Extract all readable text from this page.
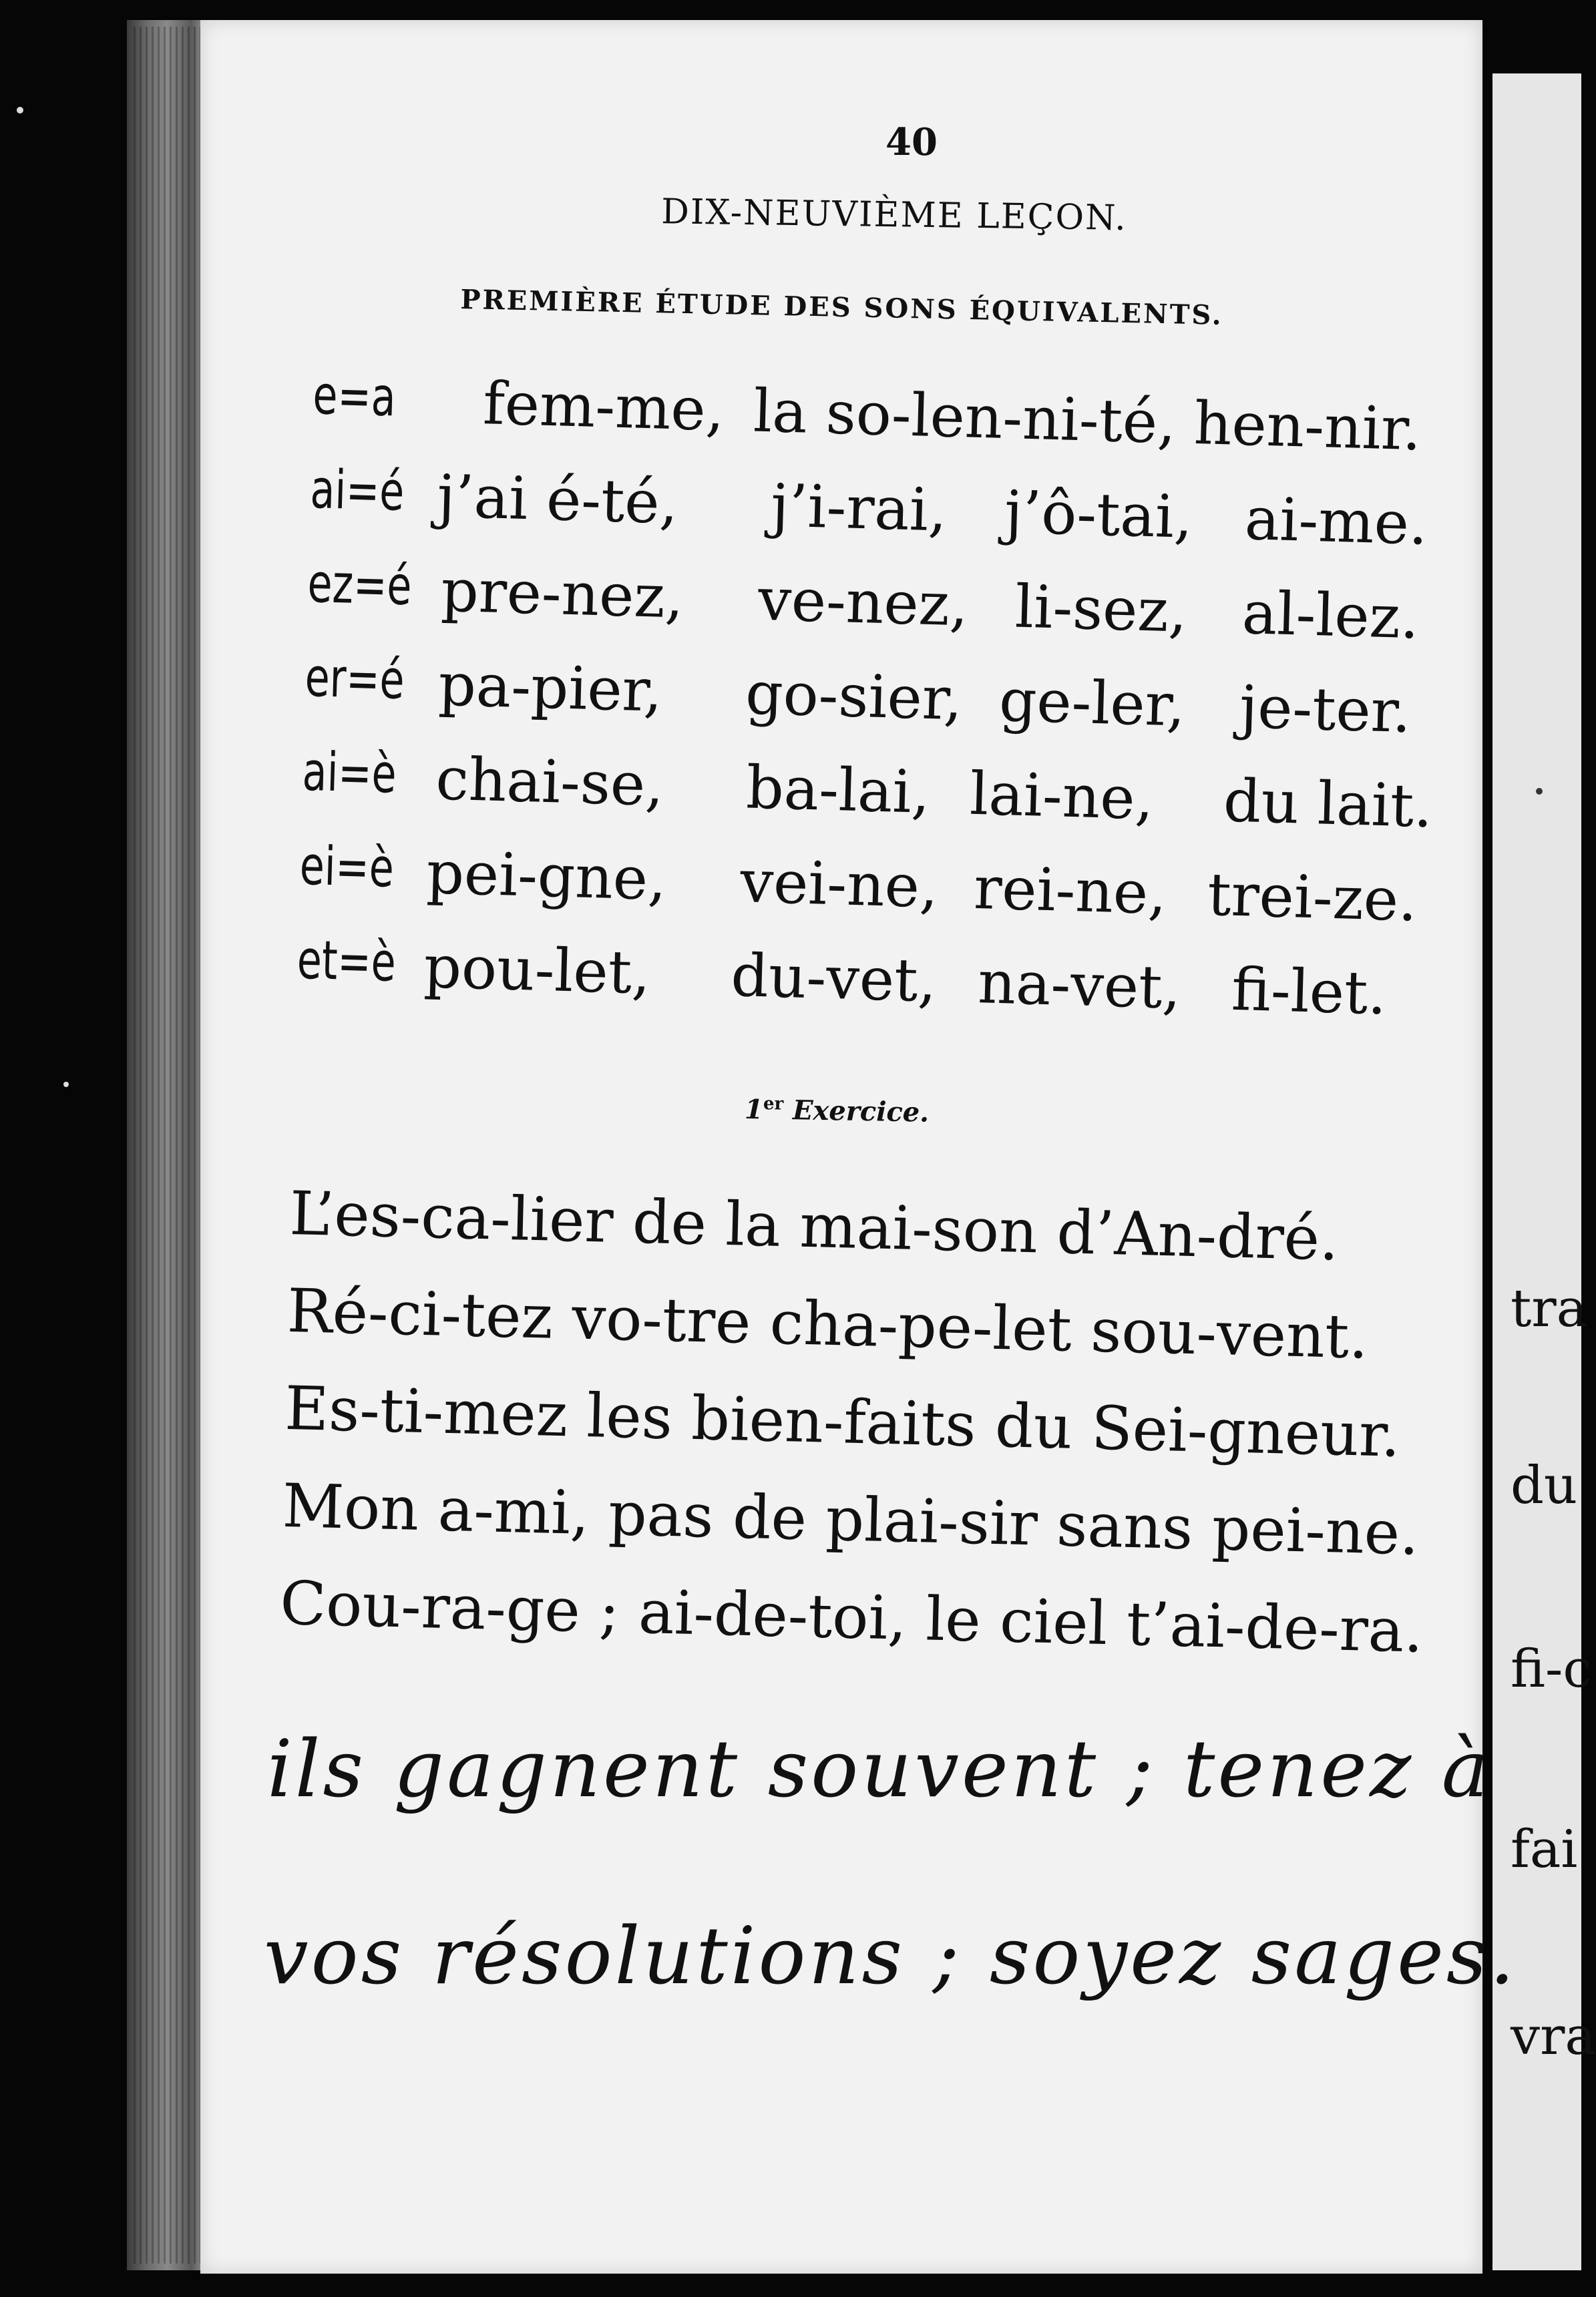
tra
du
fi-c
fai
vra
40
DIX-NEUVIÈME LEÇON.
PREMIÈRE ÉTUDE DES SONS ÉQUIVALENTS.
e=a fem-me, la so-len-ni-té, hen-nir.
ai=é j’ai é-té, j’i-rai, j’ô-tai, ai-me.
ez=é pre-nez, ve-nez, li-sez, al-lez.
er=é pa-pier, go-sier, ge-ler, je-ter.
ai=è chai-se, ba-lai, lai-ne, du lait.
ei=è pei-gne, vei-ne, rei-ne, trei-ze.
et=è pou-let, du-vet, na-vet, fi-let.
1er Exercice.
L’es-ca-lier de la mai-son d’An-dré.
Ré-ci-tez vo-tre cha-pe-let sou-vent.
Es-ti-mez les bien-faits du Sei-gneur.
Mon a-mi, pas de plai-sir sans pei-ne.
Cou-ra-ge ; ai-de-toi, le ciel t’ai-de-ra.
ils gagnent souvent ; tenez à
vos résolutions ; soyez sages.
